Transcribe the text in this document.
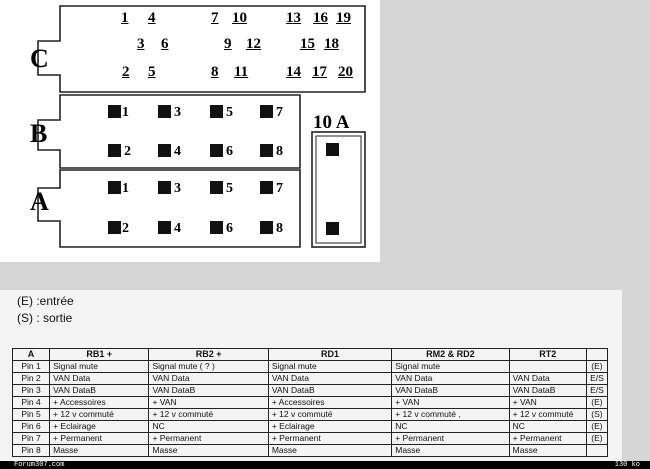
C
B
A
10 A
1 4	7 10	13 16 19
3 6	9 12	15 18
2 5	8 11	14 17 20
1	3	5	7
2	4	6	8
1	3	5	7
2	4	6	8
(E) :entrée
(S) : sortie
A	RB1 +	RB2 +	RD1	RM2 & RD2	RT2	
Pin 1	Signal mute	Signal mute ( ? )	Signal mute	Signal mute		(E)
Pin 2	VAN Data	VAN Data	VAN Data	VAN Data	VAN Data	E/S
Pin 3	VAN DataB	VAN DataB	VAN DataB	VAN DataB	VAN DataB	E/S
Pin 4	+ Accessoires	+ VAN	+ Accessoires	+ VAN	+ VAN	(E)
Pin 5	+ 12 v commuté	+ 12 v commuté	+ 12 v commuté	+ 12 v commuté ,	+ 12 v commuté	(S)
Pin 6	+ Eclairage	NC	+ Eclairage	NC	NC	(E)
Pin 7	+ Permanent	+ Permanent	+ Permanent	+ Permanent	+ Permanent	(E)
Pin 8	Masse	Masse	Masse	Masse	Masse	
Forum307.com	130 ko
